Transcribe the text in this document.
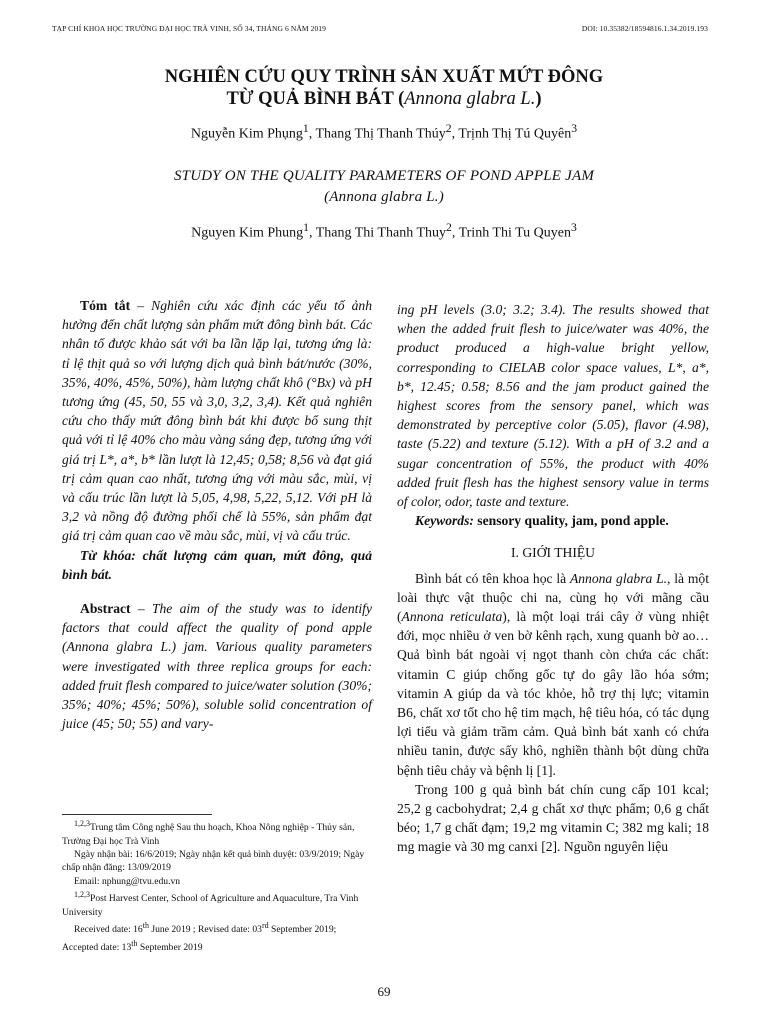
TẠP CHÍ KHOA HỌC TRƯỜNG ĐẠI HỌC TRÀ VINH, SỐ 34, THÁNG 6 NĂM 2019	DOI: 10.35382/18594816.1.34.2019.193
NGHIÊN CỨU QUY TRÌNH SẢN XUẤT MỨT ĐÔNG
TỪ QUẢ BÌNH BÁT (Annona glabra L.)
Nguyễn Kim Phụng$^1$, Thang Thị Thanh Thúy$^2$, Trịnh Thị Tú Quyên$^3$
STUDY ON THE QUALITY PARAMETERS OF POND APPLE JAM
(Annona glabra L.)
Nguyen Kim Phung$^1$, Thang Thi Thanh Thuy$^2$, Trinh Thi Tu Quyen$^3$

Tóm tắt – Nghiên cứu xác định các yếu tố ảnh hưởng đến chất lượng sản phẩm mứt đông bình bát. Các nhân tố được khảo sát với ba lần lặp lại, tương ứng là: tỉ lệ thịt quả so với lượng dịch quả bình bát/nước (30%, 35%, 40%, 45%, 50%), hàm lượng chất khô (°Bx) và pH tương ứng (45, 50, 55 và 3,0, 3,2, 3,4). Kết quả nghiên cứu cho thấy mứt đông bình bát khi được bổ sung thịt quả với tỉ lệ 40% cho màu vàng sáng đẹp, tương ứng với giá trị L*, a*, b* lần lượt là 12,45; 0,58; 8,56 và đạt giá trị cảm quan cao nhất, tương ứng với màu sắc, mùi, vị và cấu trúc lần lượt là 5,05, 4,98, 5,22, 5,12. Với pH là 3,2 và nồng độ đường phối chế là 55%, sản phẩm đạt giá trị cảm quan cao về màu sắc, mùi, vị và cấu trúc.

Từ khóa: chất lượng cảm quan, mứt đông, quả bình bát.

Abstract – The aim of the study was to identify factors that could affect the quality of pond apple (Annona glabra L.) jam. Various quality parameters were investigated with three replica groups for each: added fruit flesh compared to juice/water solution (30%; 35%; 40%; 45%; 50%), soluble solid concentration of juice (45; 50; 55) and vary-

ing pH levels (3.0; 3.2; 3.4). The results showed that when the added fruit flesh to juice/water was 40%, the product produced a high-value bright yellow, corresponding to CIELAB color space values, L*, a*, b*, 12.45; 0.58; 8.56 and the jam product gained the highest scores from the sensory panel, which was demonstrated by perceptive color (5.05), flavor (4.98), taste (5.22) and texture (5.12). With a pH of 3.2 and a sugar concentration of 55%, the product with 40% added fruit flesh has the highest sensory value in terms of color, odor, taste and texture.

Keywords: sensory quality, jam, pond apple.

I. GIỚI THIỆU

Bình bát có tên khoa học là Annona glabra L., là một loài thực vật thuộc chi na, cùng họ với mãng cầu (Annona reticulata), là một loại trái cây ở vùng nhiệt đới, mọc nhiều ở ven bờ kênh rạch, xung quanh bờ ao… Quả bình bát ngoài vị ngọt thanh còn chứa các chất: vitamin C giúp chống gốc tự do gây lão hóa sớm; vitamin A giúp da và tóc khỏe, hỗ trợ thị lực; vitamin B6, chất xơ tốt cho hệ tim mạch, hệ tiêu hóa, có tác dụng lợi tiểu và giảm trầm cảm. Quả bình bát xanh có chứa nhiều tanin, được sấy khô, nghiền thành bột dùng chữa bệnh tiêu chảy và bệnh lị [1].

Trong 100 g quả bình bát chín cung cấp 101 kcal; 25,2 g cacbohydrat; 2,4 g chất xơ thực phẩm; 0,6 g chất béo; 1,7 g chất đạm; 19,2 mg vitamin C; 382 mg kali; 18 mg magie và 30 mg canxi [2]. Nguồn nguyên liệu

$^{1,2,3}$Trung tâm Công nghệ Sau thu hoạch, Khoa Nông nghiệp - Thủy sản, Trường Đại học Trà Vinh

Ngày nhận bài: 16/6/2019; Ngày nhận kết quả bình duyệt: 03/9/2019; Ngày chấp nhận đăng: 13/09/2019

Email: nphung@tvu.edu.vn

$^{1,2,3}$Post Harvest Center, School of Agriculture and Aquaculture, Tra Vinh University

Received date: 16th June 2019 ; Revised date: 03rd September 2019; Accepted date: 13th September 2019

69
